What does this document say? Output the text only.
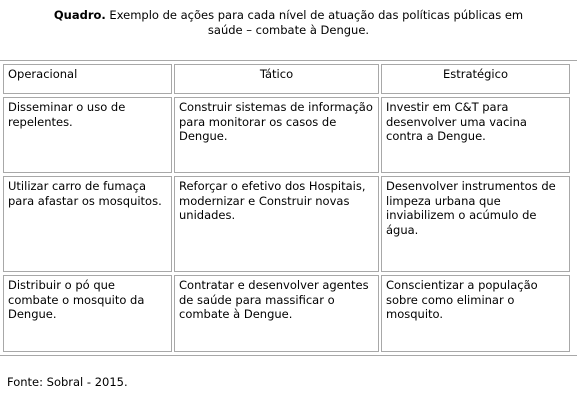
Quadro. Exemplo de ações para cada nível de atuação das políticas públicas em
saúde – combate à Dengue.
Operacional	Tático	Estratégico
Disseminar o uso de repelentes.
Construir sistemas de informação para monitorar os casos de Dengue.
Investir em C&T para desenvolver uma vacina contra a Dengue.
Utilizar carro de fumaça para afastar os mosquitos.
Reforçar o efetivo dos Hospitais, modernizar e Construir novas unidades.
Desenvolver instrumentos de limpeza urbana que inviabilizem o acúmulo de água.
Distribuir o pó que combate o mosquito da Dengue.
Contratar e desenvolver agentes de saúde para massificar o combate à Dengue.
Conscientizar a população sobre como eliminar o mosquito.
Fonte: Sobral - 2015.
